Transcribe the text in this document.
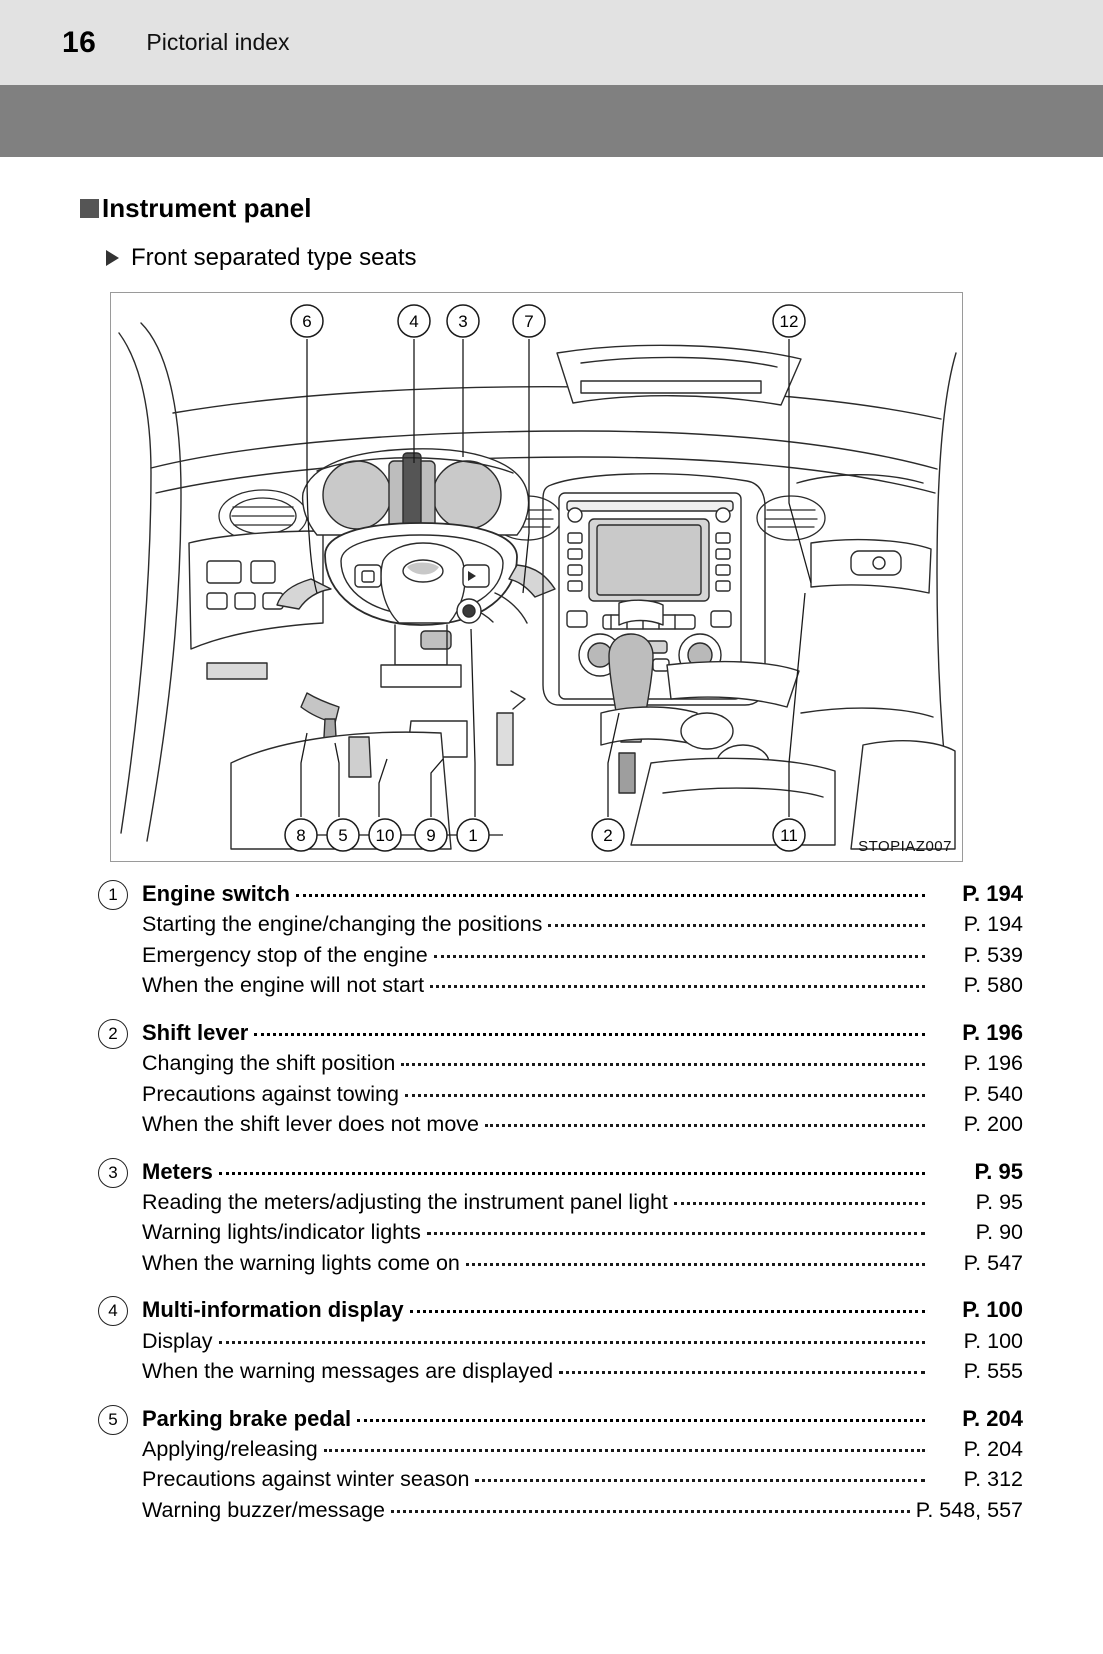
16 Pictorial index
Instrument panel
Front separated type seats
6	4 3	7	12
8 5 10 9 1	2	11
STOPIAZ007
1	Engine switch	P. 194
Starting the engine/changing the positions	P. 194
Emergency stop of the engine	P. 539
When the engine will not start	P. 580
2	Shift lever	P. 196
Changing the shift position	P. 196
Precautions against towing	P. 540
When the shift lever does not move	P. 200
3	Meters	P. 95
Reading the meters/adjusting the instrument panel light	P. 95
Warning lights/indicator lights	P. 90
When the warning lights come on	P. 547
4	Multi-information display	P. 100
Display	P. 100
When the warning messages are displayed	P. 555
5	Parking brake pedal	P. 204
Applying/releasing	P. 204
Precautions against winter season	P. 312
Warning buzzer/message	P. 548, 557
